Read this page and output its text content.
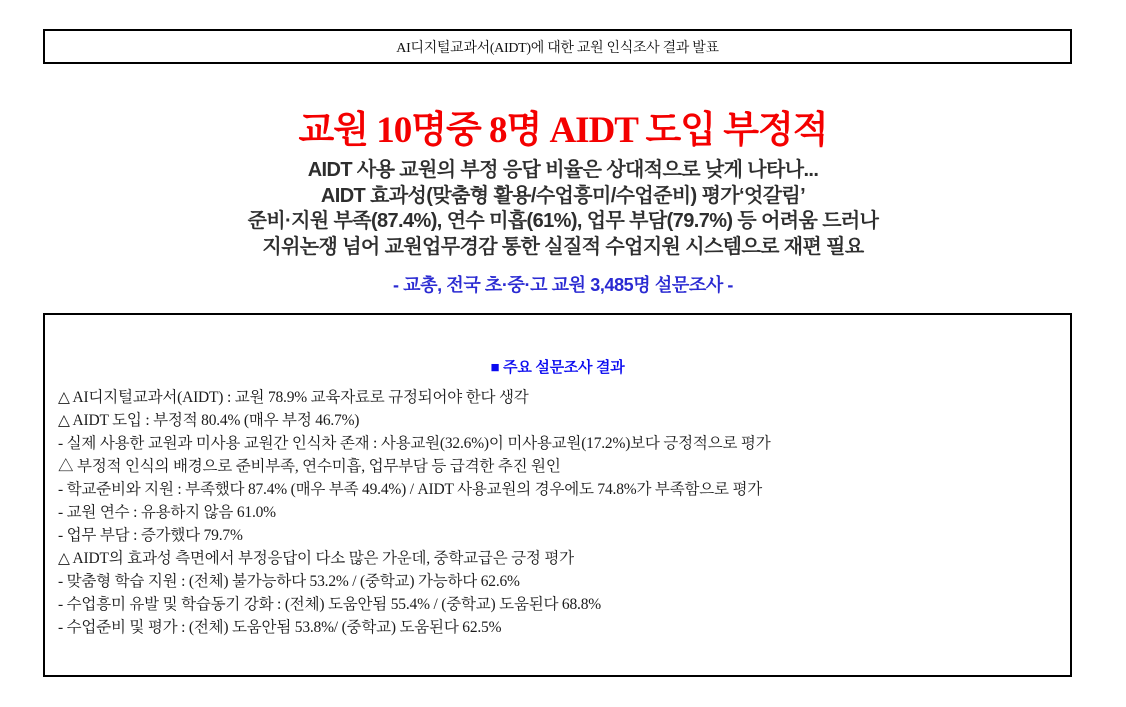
AI디지털교과서(AIDT)에 대한 교원 인식조사 결과 발표
교원 10명중 8명 AIDT 도입 부정적
AIDT 사용 교원의 부정 응답 비율은 상대적으로 낮게 나타나...
AIDT 효과성(맞춤형 활용/수업흥미/수업준비) 평가‘엇갈림’
준비·지원 부족(87.4%), 연수 미흡(61%), 업무 부담(79.7%) 등 어려움 드러나
지위논쟁 넘어 교원업무경감 통한 실질적 수업지원 시스템으로 재편 필요
- 교총, 전국 초·중·고 교원 3,485명 설문조사 -
■ 주요 설문조사 결과
△ AI디지털교과서(AIDT) : 교원 78.9% 교육자료로 규정되어야 한다 생각
△ AIDT 도입 : 부정적 80.4% (매우 부정 46.7%)
- 실제 사용한 교원과 미사용 교원간 인식차 존재 : 사용교원(32.6%)이 미사용교원(17.2%)보다 긍정적으로 평가
△ 부정적 인식의 배경으로 준비부족, 연수미흡, 업무부담 등 급격한 추진 원인
- 학교준비와 지원 : 부족했다 87.4% (매우 부족 49.4%) / AIDT 사용교원의 경우에도 74.8%가 부족함으로 평가
- 교원 연수 : 유용하지 않음 61.0%
- 업무 부담 : 증가했다 79.7%
△ AIDT의 효과성 측면에서 부정응답이 다소 많은 가운데, 중학교급은 긍정 평가
- 맞춤형 학습 지원 : (전체) 불가능하다 53.2% / (중학교) 가능하다 62.6%
- 수업흥미 유발 및 학습동기 강화 : (전체) 도움안됨 55.4% / (중학교) 도움된다 68.8%
- 수업준비 및 평가 : (전체) 도움안됨 53.8%/ (중학교) 도움된다 62.5%
